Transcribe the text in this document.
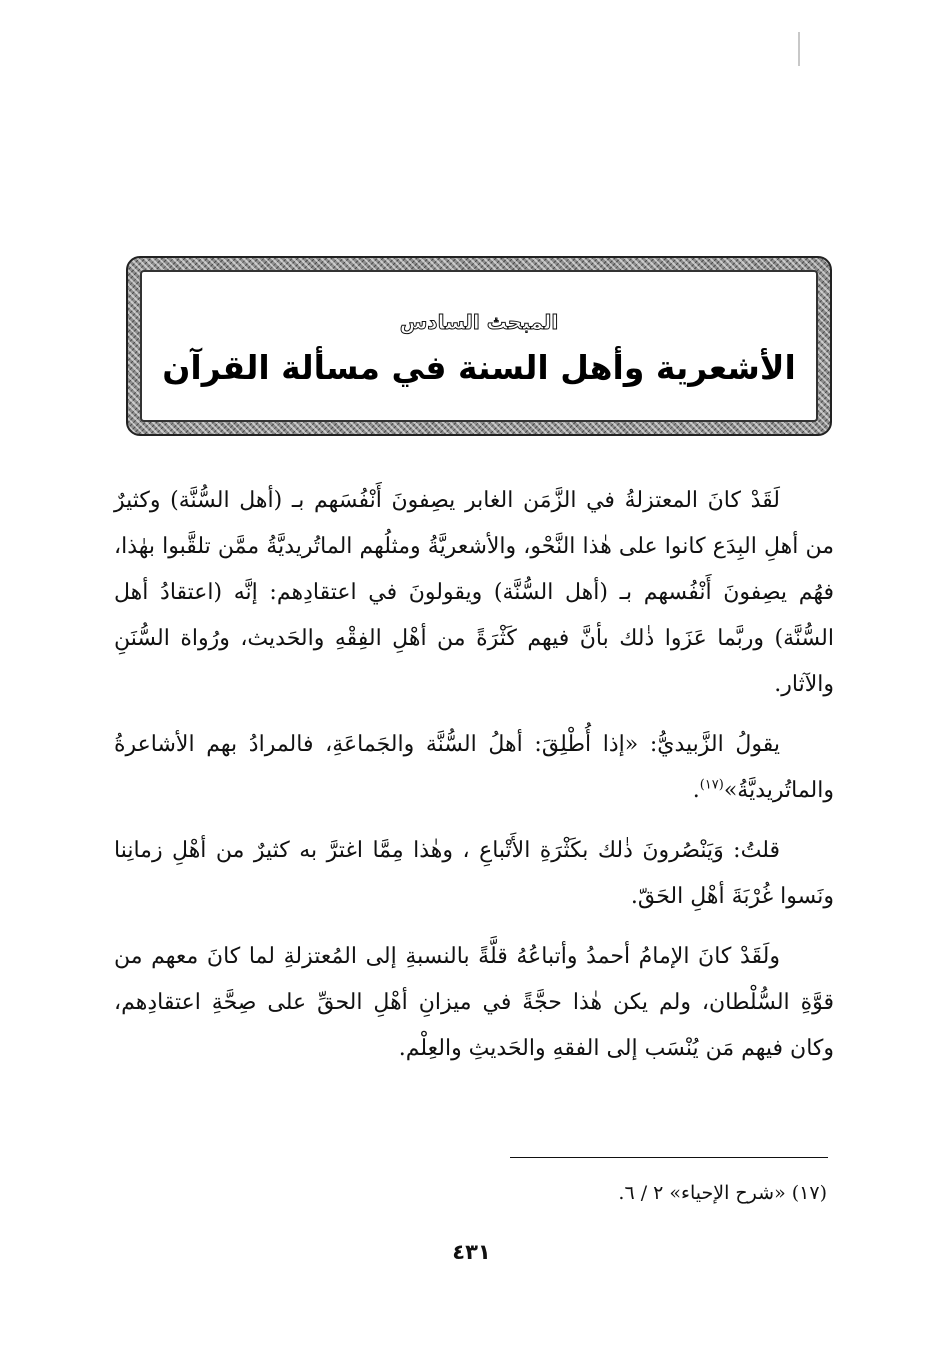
المبحث السادس
الأشعرية وأهل السنة في مسألة القرآن

لَقَدْ كانَ المعتزلةُ في الزَّمَن الغابر يصِفونَ أَنْفُسَهم بـ (أهل السُّنَّة) وكثيرٌ من أهلِ البِدَع كانوا على هٰذا النَّحْو، والأشعريَّةُ ومثلُهم الماتُريديَّةُ ممَّن تلقَّبوا بهٰذا، فهُم يصِفونَ أَنْفُسهم بـ (أهل السُّنَّة) ويقولونَ في اعتقادِهم: إنَّه (اعتقادُ أهل السُّنَّة) وربَّما عَزَوا ذٰلك بأنَّ فيهم كَثْرَةً من أهْلِ الفِقْهِ والحَديث، ورُواة السُّنَنِ والآثار.

يقولُ الزَّبيديُّ: «إذا أُطْلِقَ: أهلُ السُّنَّة والجَماعَةِ، فالمرادُ بهم الأشاعرةُ والماتُريديَّةُ»$^{(١٧)}$.

قلتُ: وَيَنْصُرونَ ذٰلك بكَثْرَةِ الأَتْباعِ ، وهٰذا مِمَّا اغترَّ به كثيرٌ من أهْلِ زمانِنا ونَسوا غُرْبَةَ أهْلِ الحَقّ.

ولَقَدْ كانَ الإمامُ أحمدُ وأتباعُهُ قلَّةً بالنسبةِ إلى المُعتزلةِ لما كانَ معهم من قوَّةِ السُّلْطان، ولم يكن هٰذا حجَّةً في ميزانِ أهْلِ الحقِّ على صِحَّةِ اعتقادِهم، وكان فيهم مَن يُنْسَب إلى الفقهِ والحَديثِ والعِلْم.

(١٧) «شرح الإحياء» ٢ / ٦.
٤٣١
